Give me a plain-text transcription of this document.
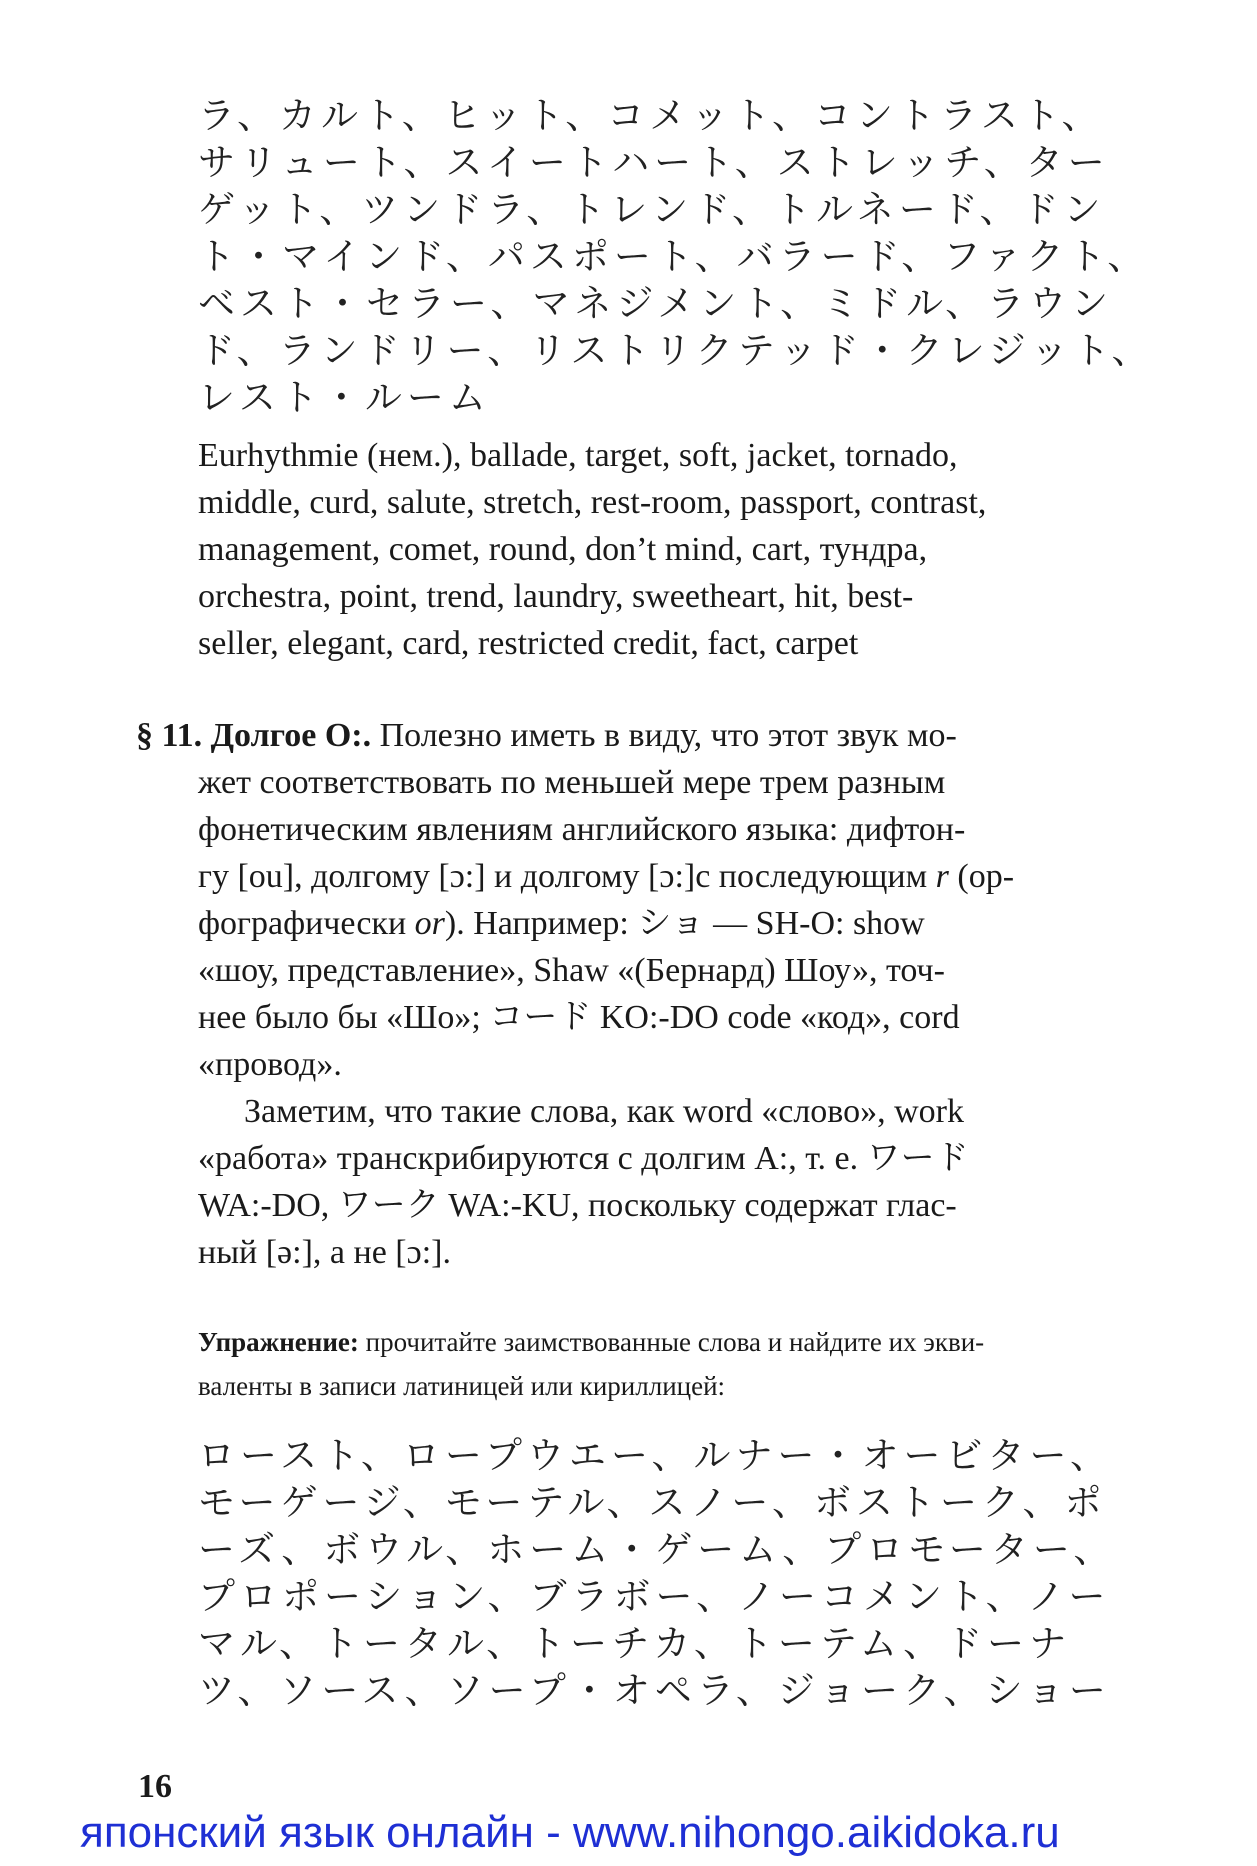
ラ、カルト、ヒット、コメット、コントラスト、
サリュート、スイートハート、ストレッチ、ター
ゲット、ツンドラ、トレンド、トルネード、ドン
ト・マインド、パスポート、バラード、ファクト、
ベスト・セラー、マネジメント、ミドル、ラウン
ド、ランドリー、リストリクテッド・クレジット、
レスト・ルーム
Eurhythmie (нем.), ballade, target, soft, jacket, tornado,
middle, curd, salute, stretch, rest-room, passport, contrast,
management, comet, round, don’t mind, cart, тундра,
orchestra, point, trend, laundry, sweetheart, hit, best-
seller, elegant, card, restricted credit, fact, carpet
§ 11. Долгое О:. Полезно иметь в виду, что этот звук мо-
жет соответствовать по меньшей мере трем разным
фонетическим явлениям английского языка: дифтон-
гу [ou], долгому [ɔ:] и долгому [ɔ:]с последующим r (ор-
фографически or). Например: ショ — SH-O: show
«шоу, представление», Shaw «(Бернард) Шоу», точ-
нее было бы «Шо»; コード KO:-DO code «код», cord
«провод».
Заметим, что такие слова, как word «слово», work
«работа» транскрибируются с долгим А:, т. е. ワード
WA:-DO, ワーク WA:-KU, поскольку содержат глас-
ный [ə:], а не [ɔ:].
Упражнение: прочитайте заимствованные слова и найдите их экви-
валенты в записи латиницей или кириллицей:
ロースト、ロープウエー、ルナー・オービター、
モーゲージ、モーテル、スノー、ボストーク、ポ
ーズ、ボウル、ホーム・ゲーム、プロモーター、
プロポーション、ブラボー、ノーコメント、ノー
マル、トータル、トーチカ、トーテム、ドーナ
ツ、ソース、ソープ・オペラ、ジョーク、ショー
16
японский язык онлайн - www.nihongo.aikidoka.ru
